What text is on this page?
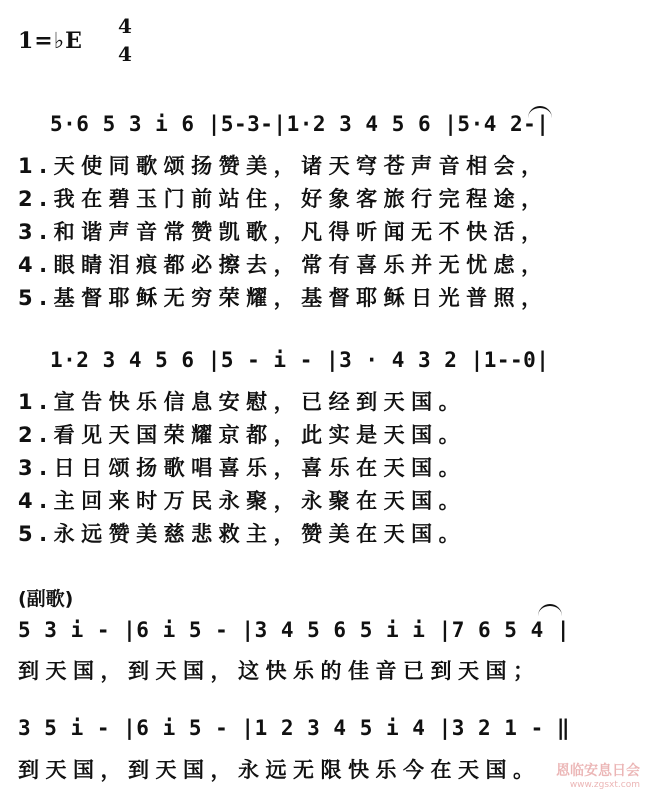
1=♭E
4
4
5·6 5 3 i 6 |5-3-|1·2 3 4 5 6 |5·4 2-|
1.天使同歌颂扬赞美，诸天穹苍声音相会，
2.我在碧玉门前站住，好象客旅行完程途，
3.和谐声音常赞凯歌，凡得听闻无不快活，
4.眼睛泪痕都必擦去，常有喜乐并无忧虑，
5.基督耶稣无穷荣耀，基督耶稣日光普照，
1·2 3 4 5 6 |5 - i - |3 · 4 3 2 |1--0|
1.宣告快乐信息安慰，已经到天国。
2.看见天国荣耀京都，此实是天国。
3.日日颂扬歌唱喜乐，喜乐在天国。
4.主回来时万民永聚，永聚在天国。
5.永远赞美慈悲救主，赞美在天国。
(副歌)
5 3 i - |6 i 5 - |3 4 5 6 5 i i |7 6 5 4 |
到天国，到天国，这快乐的佳音已到天国；
3 5 i - |6 i 5 - |1 2 3 4 5 i 4 |3 2 1 - ‖
到天国，到天国，永远无限快乐今在天国。 恩临安息日会
www.zgsxt.com
